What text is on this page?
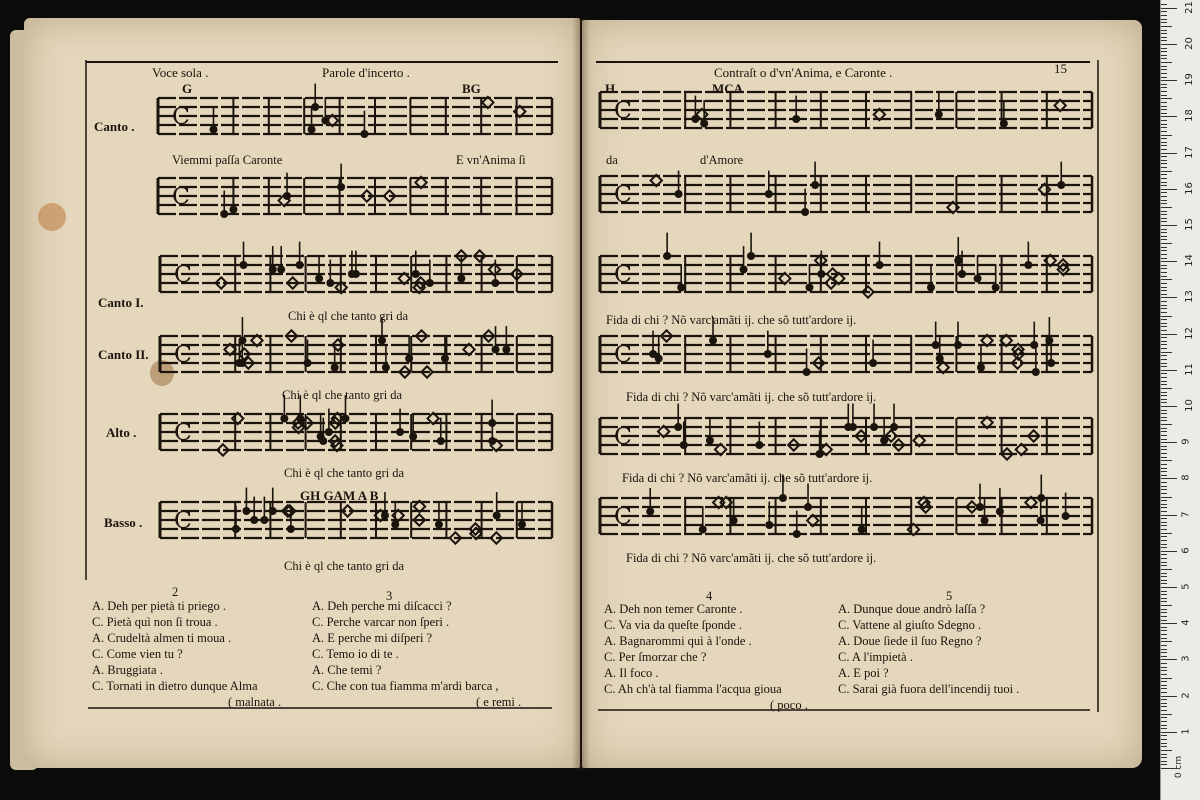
C
C
C
C
C
C
C
C
C
C
C
C
Voce sola .	Parole d'incerto .
G	BG
Canto .
Canto I.
Canto II.
Alto .
Basso .
Viemmi paſſa Caronte	E vn'Anima ſi
Chi è ql che tanto gri da
Chi è ql che tanto gri da
Chi è ql che tanto gri da
GH GAM A B
Chi è ql che tanto gri da
2	3
A. Deh per pietà ti priego .
C. Pietà quì non ſi troua .
A. Crudeltà almen ti moua .
C. Come vien tu ?
A. Bruggiata .
C. Tornati in dietro dunque Alma
( malnata .
A. Deh perche mi diſcacci ?
C. Perche varcar non ſperi .
A. E perche mi diſperi ?
C. Temo io di te .
A. Che temi ?
C. Che con tua fiamma m'ardi barca ,
( e remi .
Contraſt o d'vn'Anima, e Caronte .	15
H	MCA
da	d'Amore
Fida di chi ? Nõ varc'amãti ij. che sõ tutt'ardore ij.
Fida di chi ? Nõ varc'amãti ij. che sõ tutt'ardore ij.
Fida di chi ? Nõ varc'amãti ij. che sõ tutt'ardore ij.
Fida di chi ? Nõ varc'amãti ij. che sõ tutt'ardore ij.
4	5
A. Deh non temer Caronte .
C. Va via da queſte ſponde .
A. Bagnarommi quì à l'onde .
C. Per ſmorzar che ?
A. Il foco .
C. Ah ch'à tal fiamma l'acqua gioua
( poco .
A. Dunque doue andrò laſſa ?
C. Vattene al giuſto Sdegno .
A. Doue ſiede il ſuo Regno ?
C. A l'impietà .
A. E poi ?
C. Sarai già fuora dell'incendij tuoi .
1
2
3
4
5
6
7
8
9
10
11
12
13
14
15
16
17
18
19
20
21
0 cm
